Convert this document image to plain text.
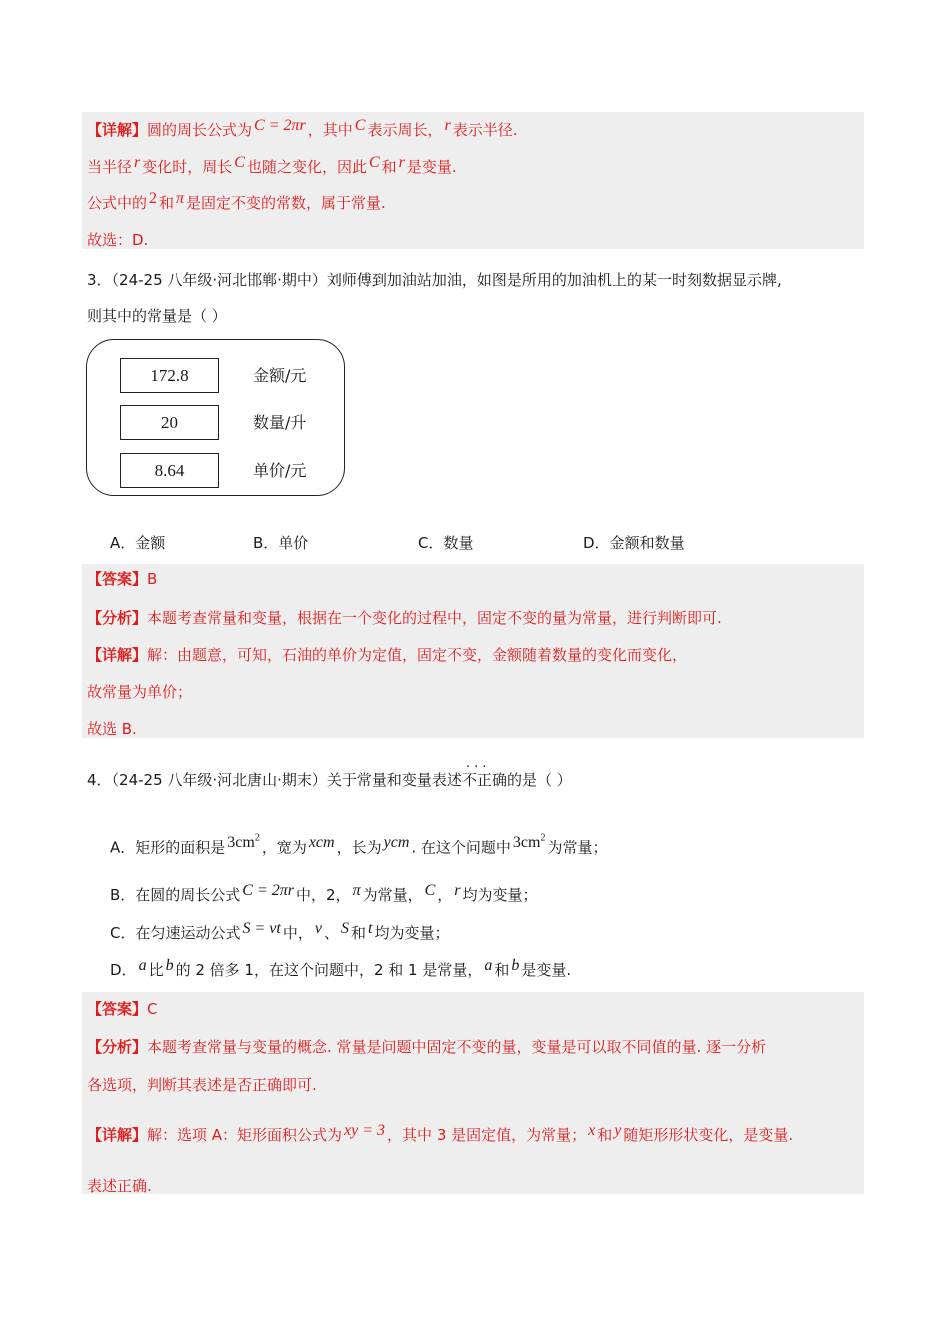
【详解】圆的周长公式为 C = 2πr ，其中 C 表示周长， r 表示半径.
当半径 r 变化时，周长 C 也随之变化，因此 C 和 r 是变量.
公式中的 2 和 π 是固定不变的常数，属于常量.
故选：D.
3．（24-25 八年级·河北邯郸·期中）刘师傅到加油站加油，如图是所用的加油机上的某一时刻数据显示牌,
则其中的常量是（ ）
172.8	金额/元
20	数量/升
8.64	单价/元
A．金额	B．单价	C．数量	D．金额和数量
【答案】B
【分析】本题考查常量和变量，根据在一个变化的过程中，固定不变的量为常量，进行判断即可.
【详解】解：由题意，可知，石油的单价为定值，固定不变，金额随着数量的变化而变化，
故常量为单价；
故选 B.
4．（24-25 八年级·河北唐山·期末）关于常量和变量表述
···
不正确的是（ ）
A．矩形的面积是 $3cm^2$ ，宽为 xcm ，长为 ycm . 在这个问题中 $3cm^2$ 为常量；
B．在圆的周长公式 C = 2πr 中，2， π 为常量， C ， r 均为变量；
C．在匀速运动公式 S = vt 中， v 、 S 和 t 均为变量；
D． a 比 b 的 2 倍多 1，在这个问题中，2 和 1 是常量， a 和 b 是变量.
【答案】C
【分析】本题考查常量与变量的概念. 常量是问题中固定不变的量，变量是可以取不同值的量. 逐一分析
各选项，判断其表述是否正确即可.
【详解】解：选项 A：矩形面积公式为 xy = 3 ，其中 3 是固定值，为常量； x 和 y 随矩形形状变化，是变量.
表述正确.
